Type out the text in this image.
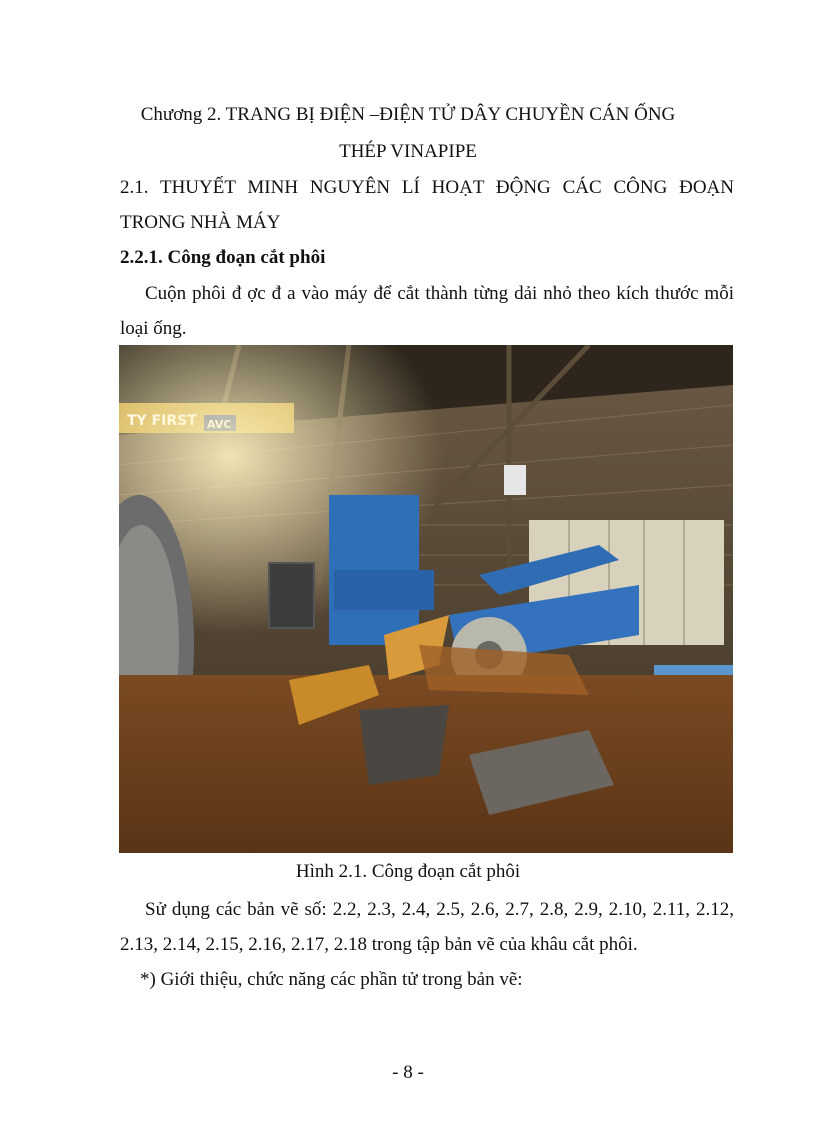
Chương 2. TRANG BỊ ĐIỆN –ĐIỆN TỬ DÂY CHUYỀN CÁN ỐNG
THÉP VINAPIPE
2.1. THUYẾT MINH NGUYÊN LÍ HOẠT ĐỘNG CÁC CÔNG ĐOẠN
TRONG NHÀ MÁY
2.2.1. Công đoạn cắt phôi
Cuộn phôi đ ợc đ a vào máy để cắt thành từng dải nhỏ theo kích thước mỗi
loại ống.
Hình 2.1. Công đoạn cắt phôi
Sử dụng các bản vẽ số: 2.2, 2.3, 2.4, 2.5, 2.6, 2.7, 2.8, 2.9, 2.10, 2.11, 2.12,
2.13, 2.14, 2.15, 2.16, 2.17, 2.18 trong tập bản vẽ của khâu cắt phôi.
*) Giới thiệu, chức năng các phần tử trong bản vẽ:
- 8 -
